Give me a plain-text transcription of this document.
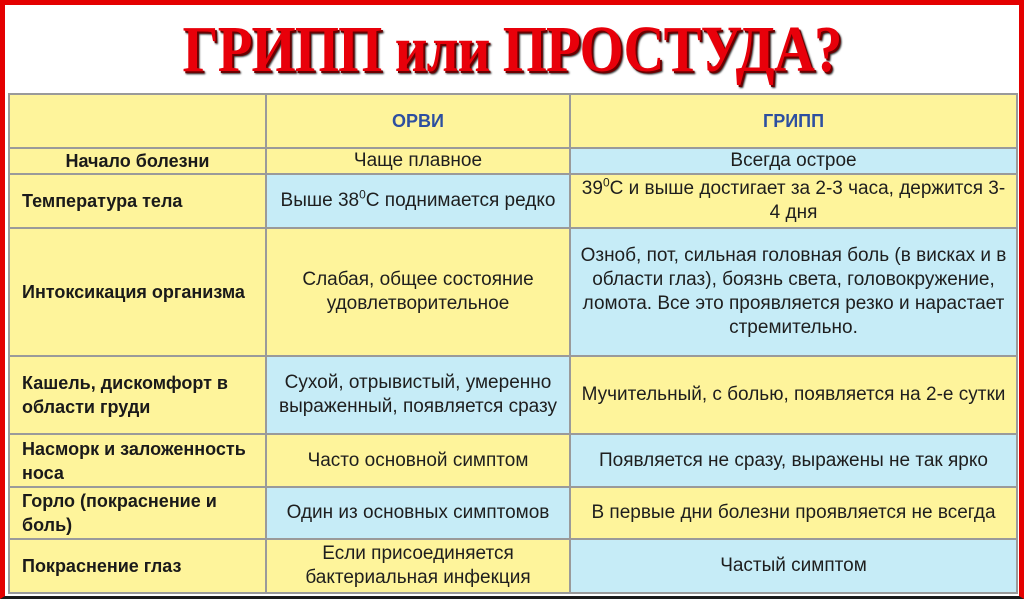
ГРИПП или ПРОСТУДА?
	ОРВИ	ГРИПП
Начало болезни	Чаще плавное	Всегда острое
Температура тела	Выше $38^0C$ поднимается редко	$39^0C$ и выше достигает за 2-3 часа, держится 3-4 дня
Интоксикация организма	Слабая, общее состояние удовлетворительное	Озноб, пот, сильная головная боль (в висках и в области глаз), боязнь света, головокружение, ломота. Все это проявляется резко и нарастает стремительно.
Кашель, дискомфорт в области груди	Сухой, отрывистый, умеренно выраженный, появляется сразу	Мучительный, с болью, появляется на 2-е сутки
Насморк и заложенность носа	Часто основной симптом	Появляется не сразу, выражены не так ярко
Горло (покраснение и боль)	Один из основных симптомов	В первые дни болезни проявляется не всегда
Покраснение глаз	Если присоединяется бактериальная инфекция	Частый симптом
